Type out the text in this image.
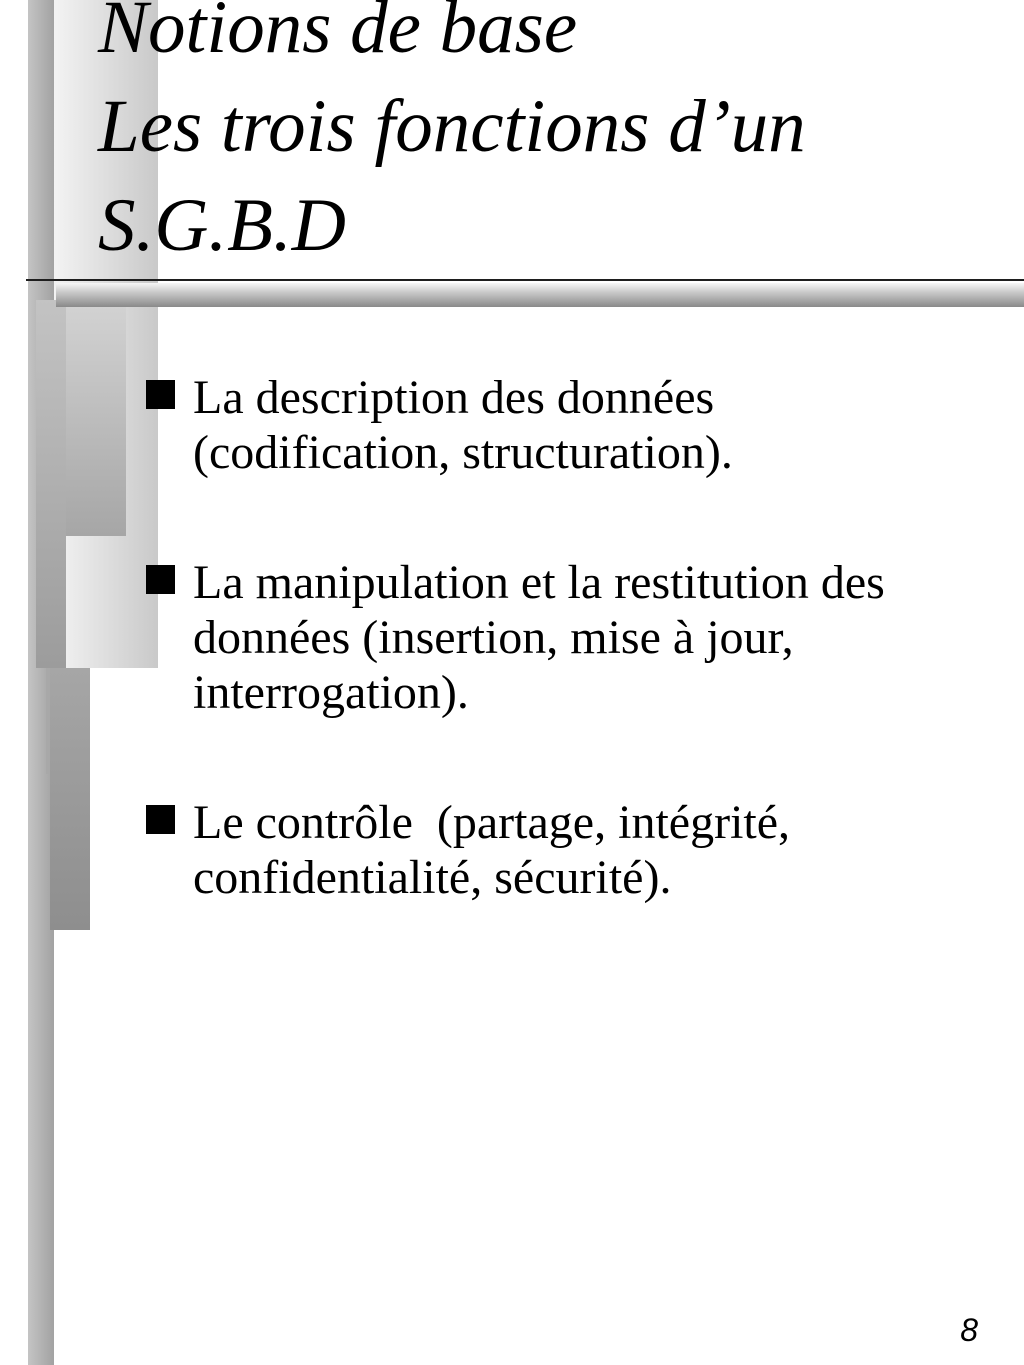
Notions de base
Les trois fonctions d’un
S.G.B.D
La description des données
(codification, structuration).
La manipulation et la restitution des
données (insertion, mise à jour,
interrogation).
Le contrôle  (partage, intégrité,
confidentialité, sécurité).
8
